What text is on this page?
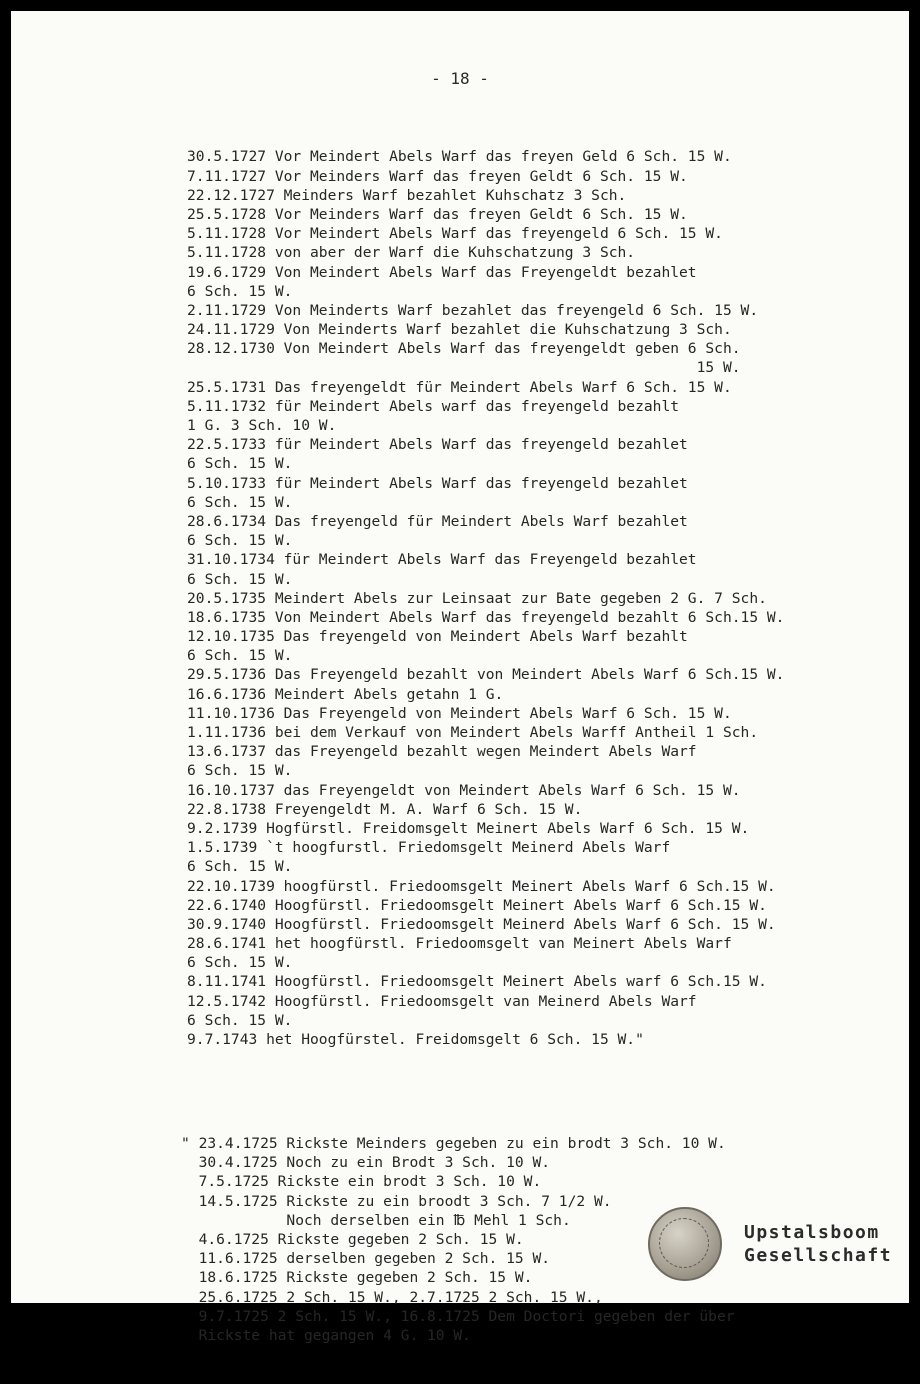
- 18 -

30.5.1727 Vor Meindert Abels Warf das freyen Geld 6 Sch. 15 W.
7.11.1727 Vor Meinders Warf das freyen Geldt 6 Sch. 15 W.
22.12.1727 Meinders Warf bezahlet Kuhschatz 3 Sch.
25.5.1728 Vor Meinders Warf das freyen Geldt 6 Sch. 15 W.
5.11.1728 Vor Meindert Abels Warf das freyengeld 6 Sch. 15 W.
5.11.1728 von aber der Warf die Kuhschatzung 3 Sch.
19.6.1729 Von Meindert Abels Warf das Freyengeldt bezahlet
6 Sch. 15 W.
2.11.1729 Von Meinderts Warf bezahlet das freyengeld 6 Sch. 15 W.
24.11.1729 Von Meinderts Warf bezahlet die Kuhschatzung 3 Sch.
28.12.1730 Von Meindert Abels Warf das freyengeldt geben 6 Sch.
15 W.
25.5.1731 Das freyengeldt für Meindert Abels Warf 6 Sch. 15 W.
5.11.1732 für Meindert Abels warf das freyengeld bezahlt
1 G. 3 Sch. 10 W.
22.5.1733 für Meindert Abels Warf das freyengeld bezahlet
6 Sch. 15 W.
5.10.1733 für Meindert Abels Warf das freyengeld bezahlet
6 Sch. 15 W.
28.6.1734 Das freyengeld für Meindert Abels Warf bezahlet
6 Sch. 15 W.
31.10.1734 für Meindert Abels Warf das Freyengeld bezahlet
6 Sch. 15 W.
20.5.1735 Meindert Abels zur Leinsaat zur Bate gegeben 2 G. 7 Sch.
18.6.1735 Von Meindert Abels Warf das freyengeld bezahlt 6 Sch.15 W.
12.10.1735 Das freyengeld von Meindert Abels Warf bezahlt
6 Sch. 15 W.
29.5.1736 Das Freyengeld bezahlt von Meindert Abels Warf 6 Sch.15 W.
16.6.1736 Meindert Abels getahn 1 G.
11.10.1736 Das Freyengeld von Meindert Abels Warf 6 Sch. 15 W.
1.11.1736 bei dem Verkauf von Meindert Abels Warff Antheil 1 Sch.
13.6.1737 das Freyengeld bezahlt wegen Meindert Abels Warf
6 Sch. 15 W.
16.10.1737 das Freyengeldt von Meindert Abels Warf 6 Sch. 15 W.
22.8.1738 Freyengeldt M. A. Warf 6 Sch. 15 W.
9.2.1739 Hogfürstl. Freidomsgelt Meinert Abels Warf 6 Sch. 15 W.
1.5.1739 `t hoogfurstl. Friedomsgelt Meinerd Abels Warf
6 Sch. 15 W.
22.10.1739 hoogfürstl. Friedoomsgelt Meinert Abels Warf 6 Sch.15 W.
22.6.1740 Hoogfürstl. Friedoomsgelt Meinert Abels Warf 6 Sch.15 W.
30.9.1740 Hoogfürstl. Friedoomsgelt Meinerd Abels Warf 6 Sch. 15 W.
28.6.1741 het hoogfürstl. Friedoomsgelt van Meinert Abels Warf
6 Sch. 15 W.
8.11.1741 Hoogfürstl. Friedoomsgelt Meinert Abels warf 6 Sch.15 W.
12.5.1742 Hoogfürstl. Friedoomsgelt van Meinerd Abels Warf
6 Sch. 15 W.
9.7.1743 het Hoogfürstel. Freidomsgelt 6 Sch. 15 W."

" 23.4.1725 Rickste Meinders gegeben zu ein brodt 3 Sch. 10 W.
30.4.1725 Noch zu ein Brodt 3 Sch. 10 W.
7.5.1725 Rickste ein brodt 3 Sch. 10 W.
14.5.1725 Rickste zu ein broodt 3 Sch. 7 1/2 W.
Noch derselben ein ℔ Mehl 1 Sch.
4.6.1725 Rickste gegeben 2 Sch. 15 W.
11.6.1725 derselben gegeben 2 Sch. 15 W.
18.6.1725 Rickste gegeben 2 Sch. 15 W.
25.6.1725 2 Sch. 15 W., 2.7.1725 2 Sch. 15 W.,
9.7.1725 2 Sch. 15 W., 16.8.1725 Dem Doctori gegeben der über
Rickste hat gegangen 4 G. 10 W.

Upstalsboom
Gesellschaft
